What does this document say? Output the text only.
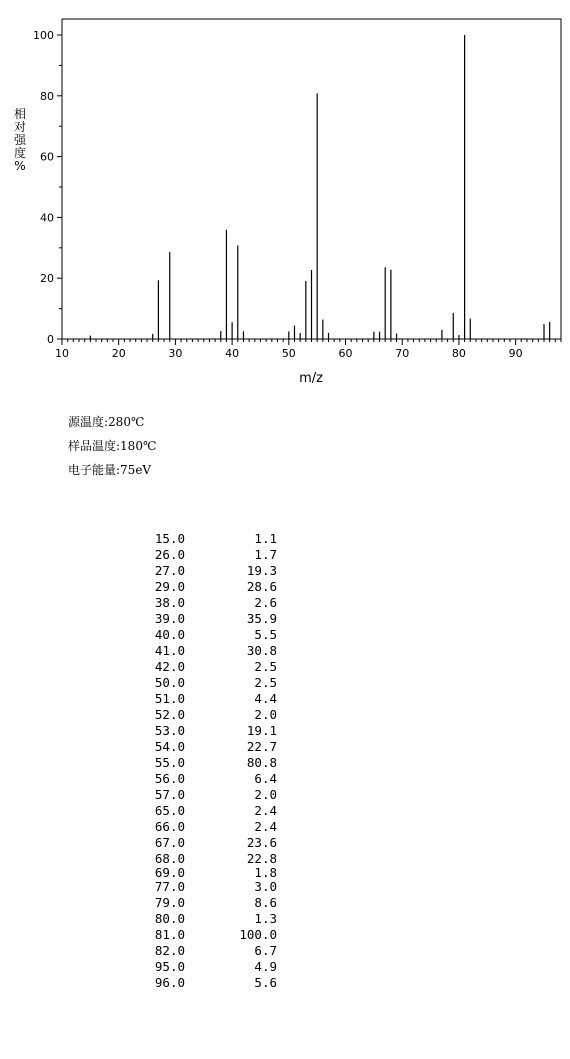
0
20
40
60
80
100
10	20	30	40	50	60	70	80	90
m/z
相
对
强
度
%
源温度:280℃
样品温度:180℃
电子能量:75eV
15.0	1.1
26.0	1.7
27.0	19.3
29.0	28.6
38.0	2.6
39.0	35.9
40.0	5.5
41.0	30.8
42.0	2.5
50.0	2.5
51.0	4.4
52.0	2.0
53.0	19.1
54.0	22.7
55.0	80.8
56.0	6.4
57.0	2.0
65.0	2.4
66.0	2.4
67.0	23.6
68.0	22.8
69.0	1.8
77.0	3.0
79.0	8.6
80.0	1.3
81.0	100.0
82.0	6.7
95.0	4.9
96.0	5.6
